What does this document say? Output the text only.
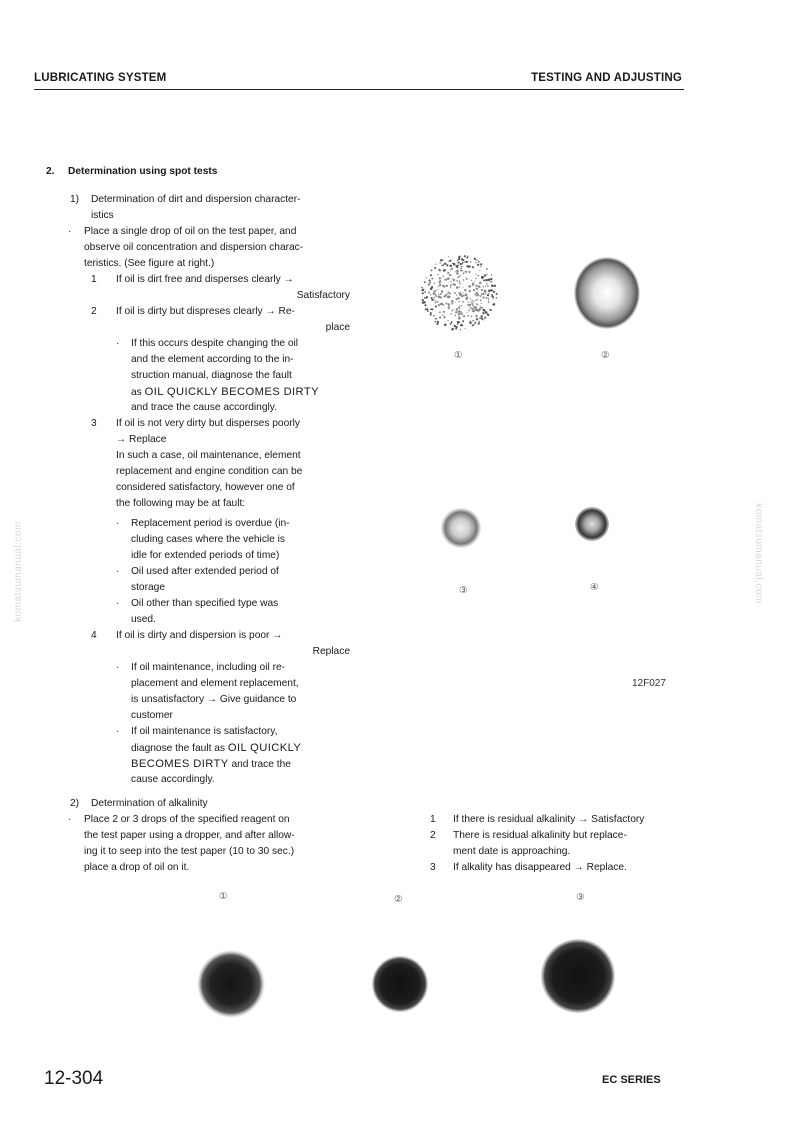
LUBRICATING SYSTEM	TESTING AND ADJUSTING
komatsumanual.com	komatsumanual.com
2. Determination using spot tests
1) Determination of dirt and dispersion character-
istics
· Place a single drop of oil on the test paper, and
observe oil concentration and dispersion charac-
teristics. (See figure at right.)
1 If oil is dirt free and disperses clearly →
Satisfactory
2 If oil is dirty but dispreses clearly → Re-
place
· If this occurs despite changing the oil
and the element according to the in-
struction manual, diagnose the fault
as OIL QUICKLY BECOMES DIRTY
and trace the cause accordingly.
3 If oil is not very dirty but disperses poorly
→ Replace
In such a case, oil maintenance, element
replacement and engine condition can be
considered satisfactory, however one of
the following may be at fault:
· Replacement period is overdue (in-
cluding cases where the vehicle is
idle for extended periods of time)
· Oil used after extended period of
storage
· Oil other than specified type was
used.
4 If oil is dirty and dispersion is poor →
Replace
· If oil maintenance, including oil re-
placement and element replacement,
is unsatisfactory → Give guidance to
customer
· If oil maintenance is satisfactory,
diagnose the fault as OIL QUICKLY
BECOMES DIRTY and trace the
cause accordingly.
2) Determination of alkalinity
· Place 2 or 3 drops of the specified reagent on
the test paper using a dropper, and after allow-
ing it to seep into the test paper (10 to 30 sec.)
place a drop of oil on it.
1 If there is residual alkalinity → Satisfactory
2 There is residual alkalinity but replace-
ment date is approaching.
3 If alkality has disappeared → Replace.
①	②
③	④
12F027
①	②	③
12-304	EC SERIES
